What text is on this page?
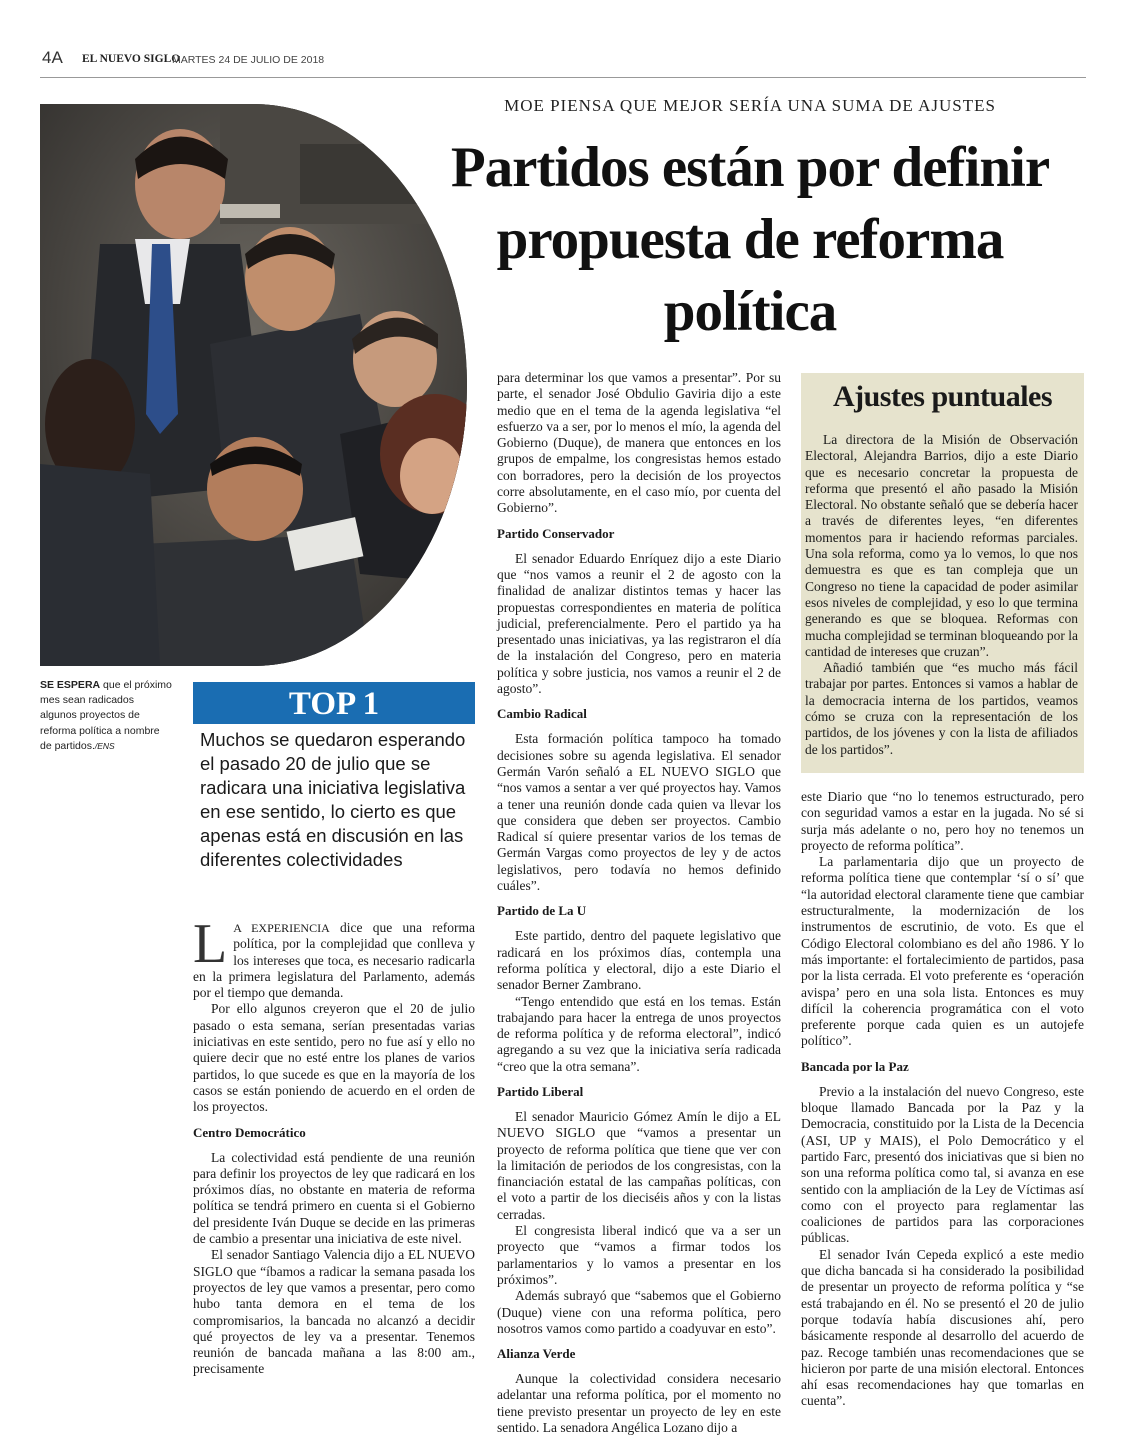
4A EL NUEVO SIGLO
MARTES 24 DE JULIO DE 2018
MOE PIENSA QUE MEJOR SERÍA UNA SUMA DE AJUSTES
Partidos están por definir
propuesta de reforma
política
SE ESPERA que el próximo mes sean radicados algunos proyectos de reforma política a nombre de partidos./ENS
TOP 1
Muchos se quedaron esperando el pasado 20 de julio que se radicara una iniciativa legislativa en ese sentido, lo cierto es que apenas está en discusión en las diferentes colectividades

L A EXPERIENCIA dice que una reforma política, por la complejidad que conlleva y los intereses que toca, es necesario radicarla en la primera legislatura del Parlamento, además por el tiempo que demanda.

Por ello algunos creyeron que el 20 de julio pasado o esta semana, serían presentadas varias iniciativas en este sentido, pero no fue así y ello no quiere decir que no esté entre los planes de varios partidos, lo que sucede es que en la mayoría de los casos se están poniendo de acuerdo en el orden de los proyectos.

Centro Democrático

La colectividad está pendiente de una reunión para definir los proyectos de ley que radicará en los próximos días, no obstante en materia de reforma política se tendrá primero en cuenta si el Gobierno del presidente Iván Duque se decide en las primeras de cambio a presentar una iniciativa de este nivel.

El senador Santiago Valencia dijo a EL NUEVO SIGLO que “íbamos a radicar la semana pasada los proyectos de ley que vamos a presentar, pero como hubo tanta demora en el tema de los compromisarios, la bancada no alcanzó a decidir qué proyectos de ley va a presentar. Tenemos reunión de bancada mañana a las 8:00 am., precisamente

para determinar los que vamos a presentar”. Por su parte, el senador José Obdulio Gaviria dijo a este medio que en el tema de la agenda legislativa “el esfuerzo va a ser, por lo menos el mío, la agenda del Gobierno (Duque), de manera que entonces en los grupos de empalme, los congresistas hemos estado con borradores, pero la decisión de los proyectos corre absolutamente, en el caso mío, por cuenta del Gobierno”.

Partido Conservador

El senador Eduardo Enríquez dijo a este Diario que “nos vamos a reunir el 2 de agosto con la finalidad de analizar distintos temas y hacer las propuestas correspondientes en materia de política judicial, preferencialmente. Pero el partido ya ha presentado unas iniciativas, ya las registraron el día de la instalación del Congreso, pero en materia política y sobre justicia, nos vamos a reunir el 2 de agosto”.

Cambio Radical

Esta formación política tampoco ha tomado decisiones sobre su agenda legislativa. El senador Germán Varón señaló a EL NUEVO SIGLO que “nos vamos a sentar a ver qué proyectos hay. Vamos a tener una reunión donde cada quien va llevar los que considera que deben ser proyectos. Cambio Radical sí quiere presentar varios de los temas de Germán Vargas como proyectos de ley y de actos legislativos, pero todavía no hemos definido cuáles”.

Partido de La U

Este partido, dentro del paquete legislativo que radicará en los próximos días, contempla una reforma política y electoral, dijo a este Diario el senador Berner Zambrano.

“Tengo entendido que está en los temas. Están trabajando para hacer la entrega de unos proyectos de reforma política y de reforma electoral”, indicó agregando a su vez que la iniciativa sería radicada “creo que la otra semana”.

Partido Liberal

El senador Mauricio Gómez Amín le dijo a EL NUEVO SIGLO que “vamos a presentar un proyecto de reforma política que tiene que ver con la limitación de periodos de los congresistas, con la financiación estatal de las campañas políticas, con el voto a partir de los dieciséis años y con la listas cerradas.

El congresista liberal indicó que va a ser un proyecto que “vamos a firmar todos los parlamentarios y lo vamos a presentar en los próximos”.

Además subrayó que “sabemos que el Gobierno (Duque) viene con una reforma política, pero nosotros vamos como partido a coadyuvar en esto”.

Alianza Verde

Aunque la colectividad considera necesario adelantar una reforma política, por el momento no tiene previsto presentar un proyecto de ley en este sentido. La senadora Angélica Lozano dijo a

Ajustes puntuales

La directora de la Misión de Observación Electoral, Alejandra Barrios, dijo a este Diario que es necesario concretar la propuesta de reforma que presentó el año pasado la Misión Electoral. No obstante señaló que se debería hacer a través de diferentes leyes, “en diferentes momentos para ir haciendo reformas parciales. Una sola reforma, como ya lo vemos, lo que nos demuestra es que es tan compleja que un Congreso no tiene la capacidad de poder asimilar esos niveles de complejidad, y eso lo que termina generando es que se bloquea. Reformas con mucha complejidad se terminan bloqueando por la cantidad de intereses que cruzan”.

Añadió también que “es mucho más fácil trabajar por partes. Entonces si vamos a hablar de la democracia interna de los partidos, veamos cómo se cruza con la representación de los partidos, de los jóvenes y con la lista de afiliados de los partidos”.

este Diario que “no lo tenemos estructurado, pero con seguridad vamos a estar en la jugada. No sé si surja más adelante o no, pero hoy no tenemos un proyecto de reforma política”.

La parlamentaria dijo que un proyecto de reforma política tiene que contemplar ‘sí o sí’ que “la autoridad electoral claramente tiene que cambiar estructuralmente, la modernización de los instrumentos de escrutinio, de voto. Es que el Código Electoral colombiano es del año 1986. Y lo más importante: el fortalecimiento de partidos, pasa por la lista cerrada. El voto preferente es ‘operación avispa’ pero en una sola lista. Entonces es muy difícil la coherencia programática con el voto preferente porque cada quien es un autojefe político”.

Bancada por la Paz

Previo a la instalación del nuevo Congreso, este bloque llamado Bancada por la Paz y la Democracia, constituido por la Lista de la Decencia (ASI, UP y MAIS), el Polo Democrático y el partido Farc, presentó dos iniciativas que si bien no son una reforma política como tal, si avanza en ese sentido con la ampliación de la Ley de Víctimas así como con el proyecto para reglamentar las coaliciones de partidos para las corporaciones públicas.

El senador Iván Cepeda explicó a este medio que dicha bancada si ha considerado la posibilidad de presentar un proyecto de reforma política y “se está trabajando en él. No se presentó el 20 de julio porque todavía había discusiones ahí, pero básicamente responde al desarrollo del acuerdo de paz. Recoge también unas recomendaciones que se hicieron por parte de una misión electoral. Entonces ahí esas recomendaciones hay que tomarlas en cuenta”.
